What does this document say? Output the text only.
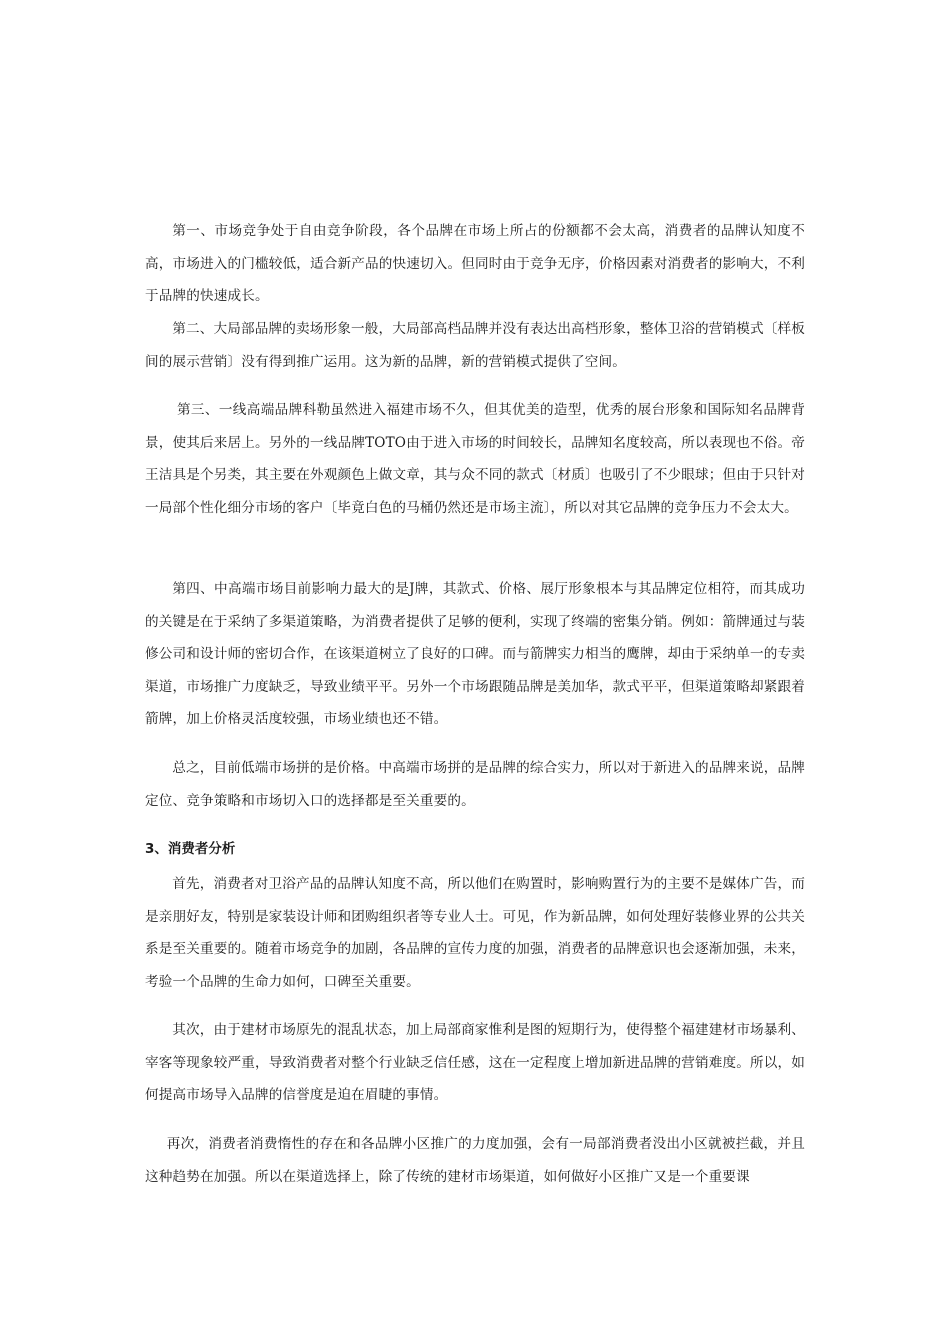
第一、市场竞争处于自由竞争阶段，各个品牌在市场上所占的份额都不会太高，消费者的品牌认知度不高，市场进入的门槛较低，适合新产品的快速切入。但同时由于竞争无序，价格因素对消费者的影响大，不利于品牌的快速成长。

第二、大局部品牌的卖场形象一般，大局部高档品牌并没有表达出高档形象，整体卫浴的营销模式〔样板间的展示营销〕没有得到推广运用。这为新的品牌，新的营销模式提供了空间。

第三、一线高端品牌科勒虽然进入福建市场不久，但其优美的造型，优秀的展台形象和国际知名品牌背景，使其后来居上。另外的一线品牌TOTO由于进入市场的时间较长，品牌知名度较高，所以表现也不俗。帝王洁具是个另类，其主要在外观颜色上做文章，其与众不同的款式〔材质〕也吸引了不少眼球；但由于只针对一局部个性化细分市场的客户〔毕竟白色的马桶仍然还是市场主流〕，所以对其它品牌的竞争压力不会太大。

第四、中高端市场目前影响力最大的是J牌，其款式、价格、展厅形象根本与其品牌定位相符，而其成功的关键是在于采纳了多渠道策略，为消费者提供了足够的便利，实现了终端的密集分销。例如：箭牌通过与装修公司和设计师的密切合作，在该渠道树立了良好的口碑。而与箭牌实力相当的鹰牌，却由于采纳单一的专卖渠道，市场推广力度缺乏，导致业绩平平。另外一个市场跟随品牌是美加华，款式平平，但渠道策略却紧跟着箭牌，加上价格灵活度较强，市场业绩也还不错。

总之，目前低端市场拼的是价格。中高端市场拼的是品牌的综合实力，所以对于新进入的品牌来说，品牌定位、竞争策略和市场切入口的选择都是至关重要的。

3、消费者分析

首先，消费者对卫浴产品的品牌认知度不高，所以他们在购置时，影响购置行为的主要不是媒体广告，而是亲朋好友，特别是家装设计师和团购组织者等专业人士。可见，作为新品牌，如何处理好装修业界的公共关系是至关重要的。随着市场竞争的加剧，各品牌的宣传力度的加强，消费者的品牌意识也会逐渐加强，未来，考验一个品牌的生命力如何，口碑至关重要。

其次，由于建材市场原先的混乱状态，加上局部商家惟利是图的短期行为，使得整个福建建材市场暴利、宰客等现象较严重，导致消费者对整个行业缺乏信任感，这在一定程度上增加新进品牌的营销难度。所以，如何提高市场导入品牌的信誉度是迫在眉睫的事情。

再次，消费者消费惰性的存在和各品牌小区推广的力度加强，会有一局部消费者没出小区就被拦截，并且这种趋势在加强。所以在渠道选择上，除了传统的建材市场渠道，如何做好小区推广又是一个重要课
